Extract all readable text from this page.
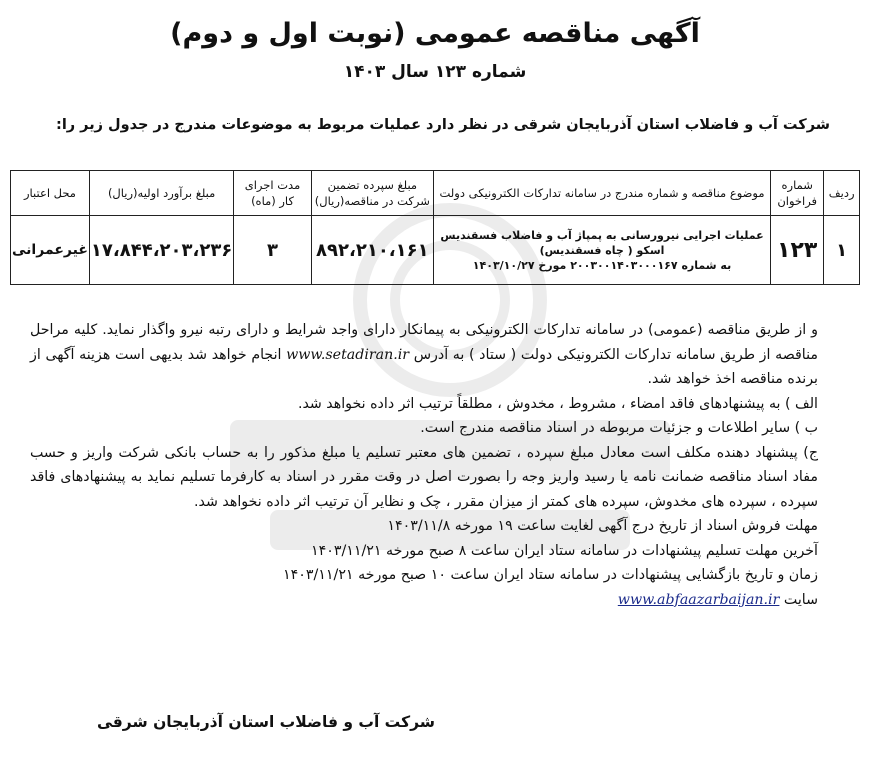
آگهی مناقصه عمومی (نوبت اول و دوم)
شماره ۱۲۳ سال ۱۴۰۳
شرکت آب و فاضلاب استان آذربایجان شرقی در نظر دارد عملیات مربوط به موضوعات مندرج در جدول زیر را:
ردیف	شماره فراخوان	موضوع مناقصه و شماره مندرج در سامانه تدارکات الکترونیکی دولت	مبلغ سپرده تضمین شرکت در مناقصه(ریال)	مدت اجرای کار (ماه)	مبلغ برآورد اولیه(ریال)	محل اعتبار
۱	۱۲۳	عملیات اجرایی نیرورسانی به پمپاژ آب و فاضلاب فسقندیس اسکو ( چاه فسقندیس)
به شماره ۲۰۰۳۰۰۱۴۰۳۰۰۰۱۶۷ مورخ ۱۴۰۳/۱۰/۲۷	۸۹۲،۲۱۰،۱۶۱	۳	۱۷،۸۴۴،۲۰۳،۲۳۶	غیرعمرانی

و از طریق مناقصه (عمومی) در سامانه تدارکات الکترونیکی به پیمانکار دارای واجد شرایط و دارای رتبه نیرو واگذار نماید. کلیه مراحل مناقصه از طریق سامانه تدارکات الکترونیکی دولت ( ستاد ) به آدرس www.setadiran.ir انجام خواهد شد بدیهی است هزینه آگهی از برنده مناقصه اخذ خواهد شد.

الف ) به پیشنهادهای فاقد امضاء ، مشروط ، مخدوش ، مطلقاً ترتیب اثر داده نخواهد شد.

ب ) سایر اطلاعات و جزئیات مربوطه در اسناد مناقصه مندرج است.

ج) پیشنهاد دهنده مکلف است معادل مبلغ سپرده ، تضمین های معتبر تسلیم یا مبلغ مذکور را به حساب بانکی شرکت واریز و حسب مفاد اسناد مناقصه ضمانت نامه یا رسید واریز وجه را بصورت اصل در وقت مقرر در اسناد به کارفرما تسلیم نماید به پیشنهادهای فاقد سپرده ، سپرده های مخدوش، سپرده های کمتر از میزان مقرر ، چک و نظایر آن ترتیب اثر داده نخواهد شد.

مهلت فروش اسناد از تاریخ درج آگهی لغایت ساعت ۱۹ مورخه ۱۴۰۳/۱۱/۸

آخرین مهلت تسلیم پیشنهادات در سامانه ستاد ایران ساعت ۸ صبح مورخه ۱۴۰۳/۱۱/۲۱

زمان و تاریخ بازگشایی پیشنهادات در سامانه ستاد ایران ساعت ۱۰ صبح مورخه ۱۴۰۳/۱۱/۲۱

سایت www.abfaazarbaijan.ir

شرکت آب و فاضلاب استان آذربایجان شرقی
